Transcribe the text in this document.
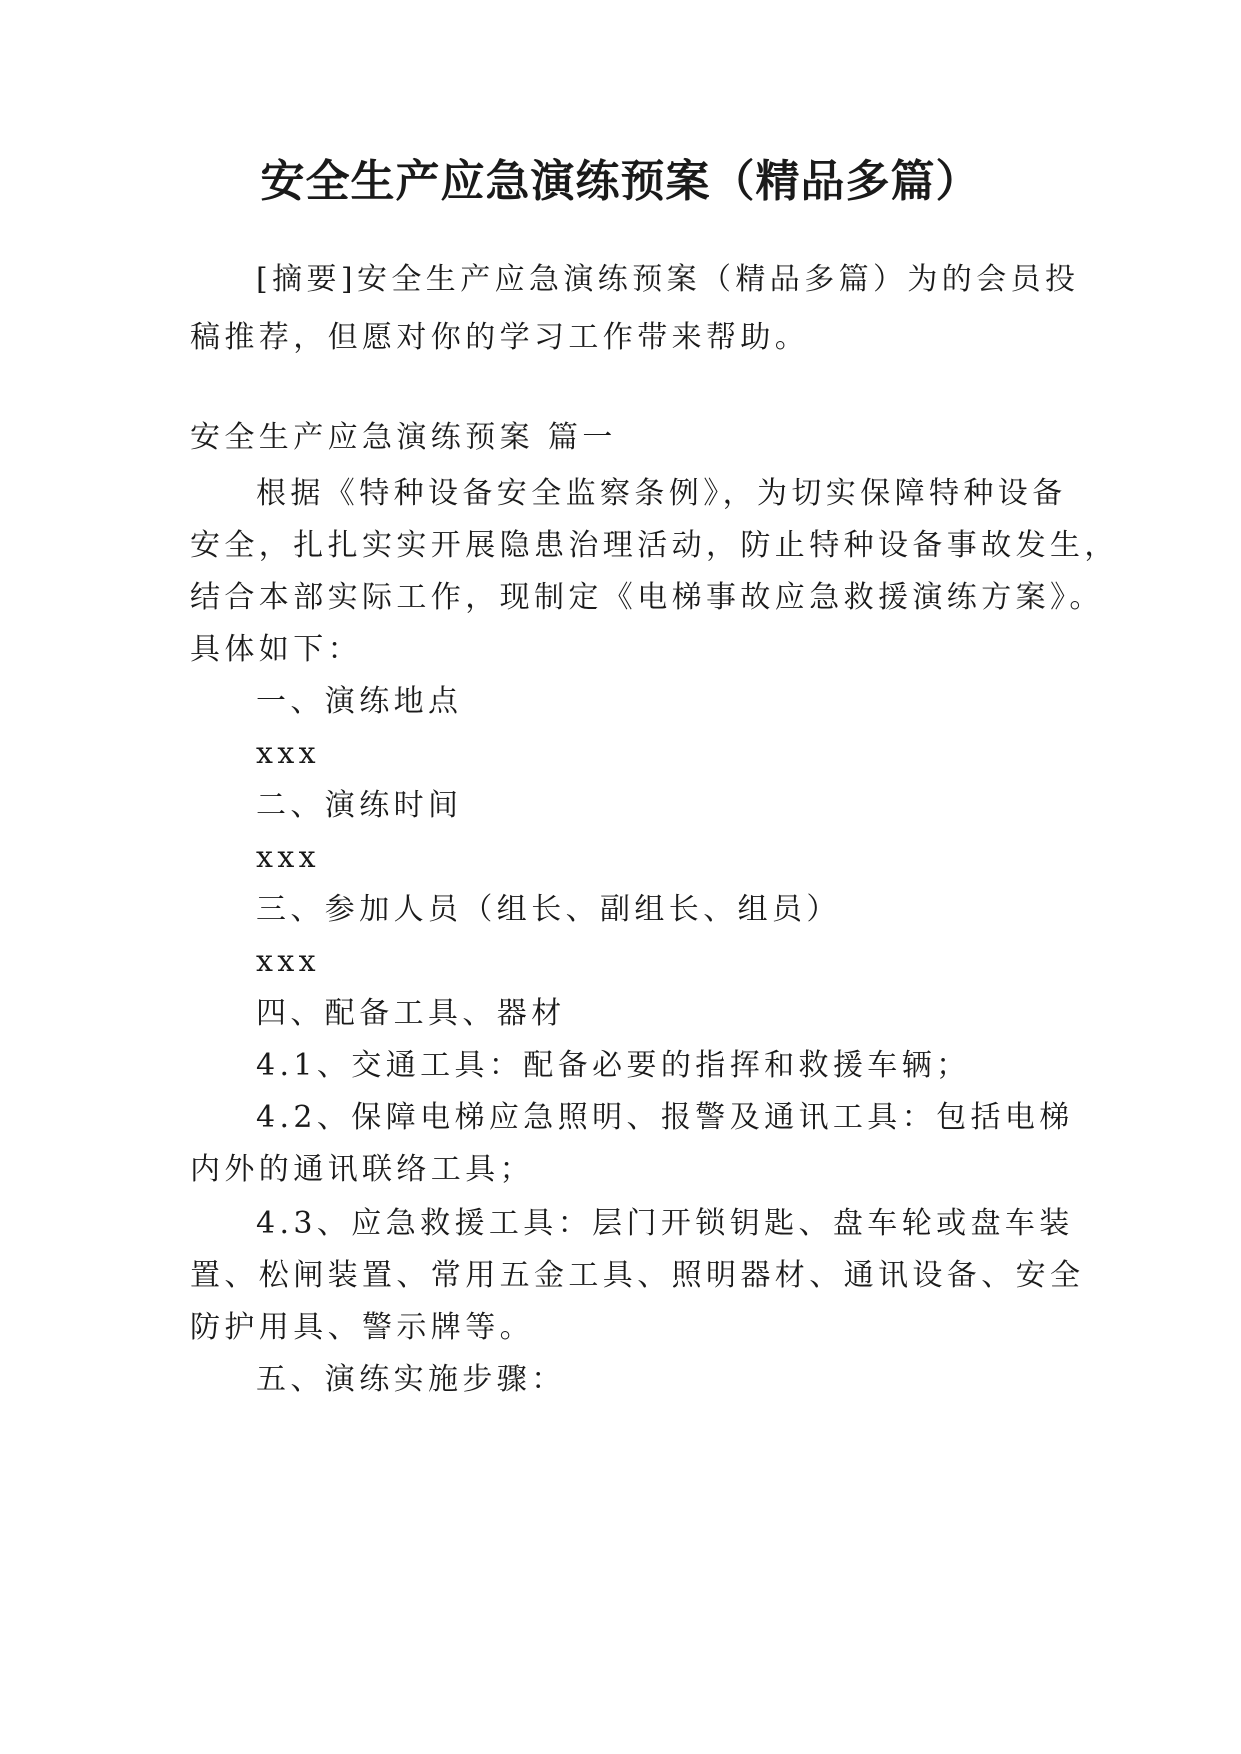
安全生产应急演练预案（精品多篇）
[摘要]安全生产应急演练预案（精品多篇）为的会员投
稿推荐，但愿对你的学习工作带来帮助。
安全生产应急演练预案 篇一
根据《特种设备安全监察条例》，为切实保障特种设备
安全，扎扎实实开展隐患治理活动，防止特种设备事故发生，
结合本部实际工作，现制定《电梯事故应急救援演练方案》。
具体如下：
一、演练地点
xxx
二、演练时间
xxx
三、参加人员（组长、副组长、组员）
xxx
四、配备工具、器材
4.1、交通工具：配备必要的指挥和救援车辆；
4.2、保障电梯应急照明、报警及通讯工具：包括电梯
内外的通讯联络工具；
4.3、应急救援工具：层门开锁钥匙、盘车轮或盘车装
置、松闸装置、常用五金工具、照明器材、通讯设备、安全
防护用具、警示牌等。
五、演练实施步骤：
